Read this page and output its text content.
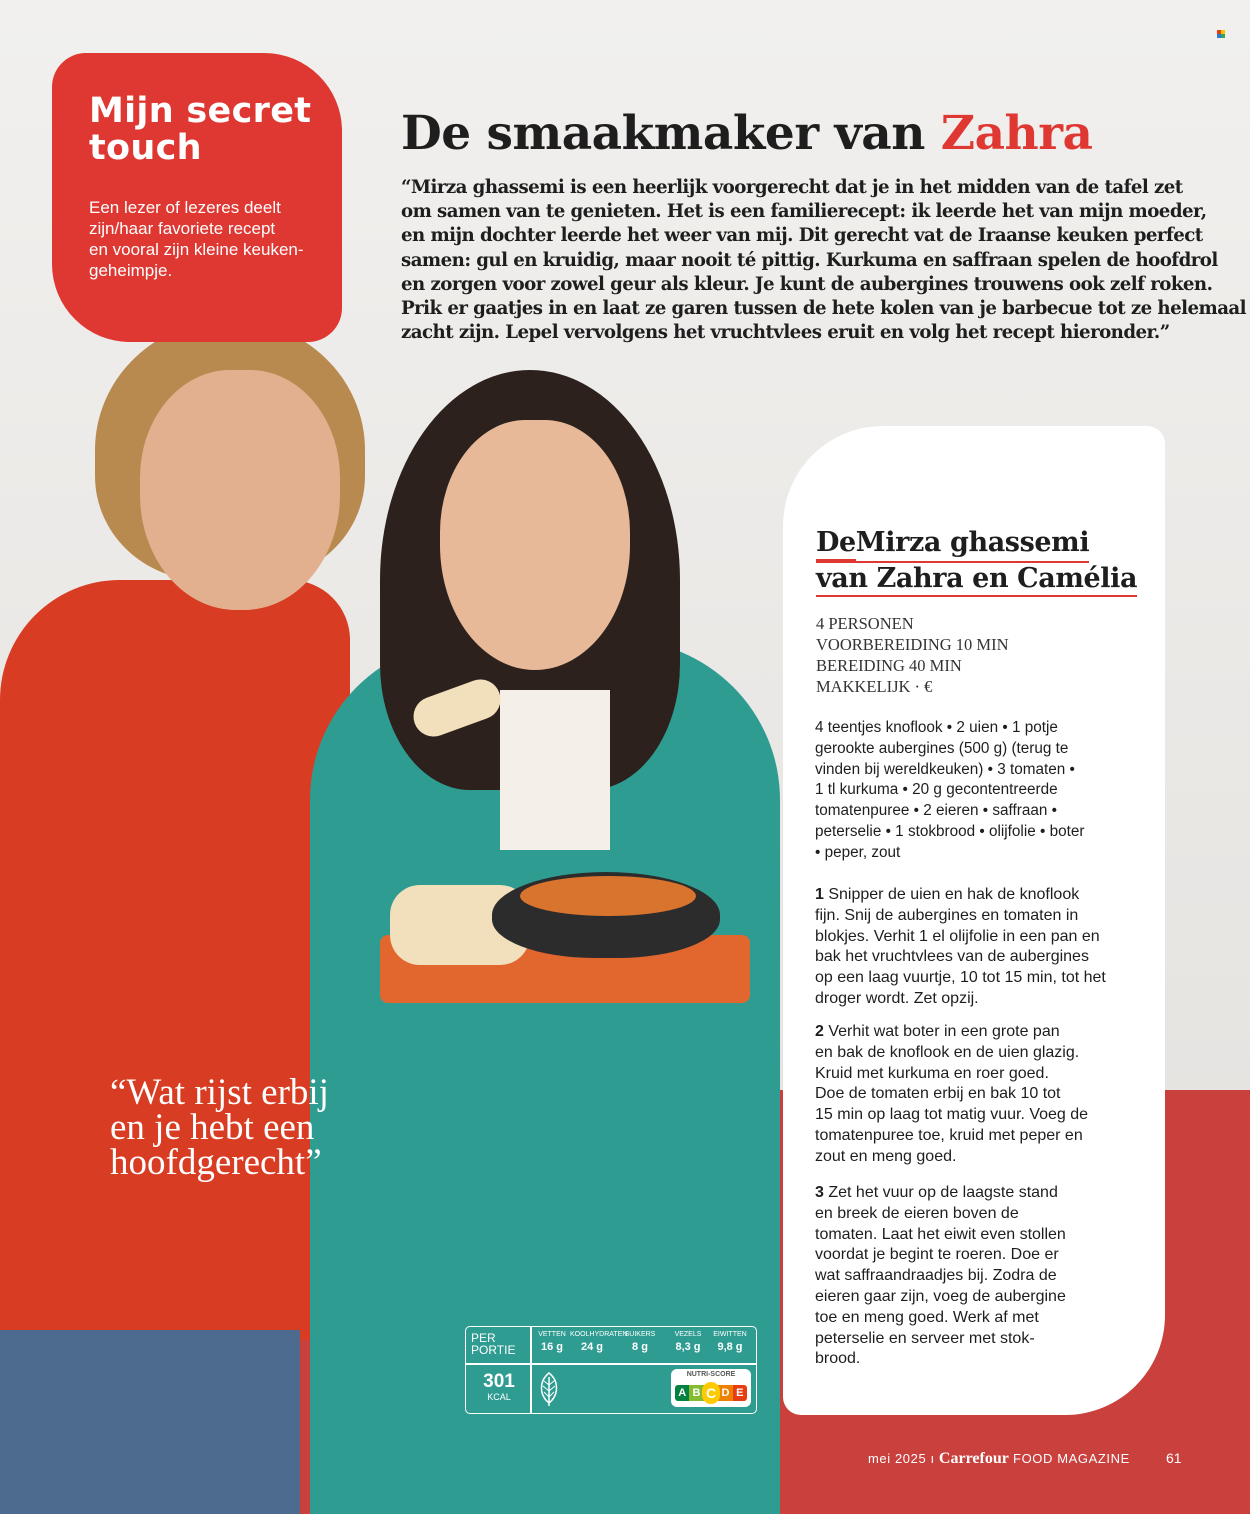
Mijn secret
touch

Een lezer of lezeres deelt
zijn/haar favoriete recept
en vooral zijn kleine keuken-
geheimpje.

De smaakmaker van Zahra

“Mirza ghassemi is een heerlijk voorgerecht dat je in het midden van de tafel zet
om samen van te genieten. Het is een familierecept: ik leerde het van mijn moeder,
en mijn dochter leerde het weer van mij. Dit gerecht vat de Iraanse keuken perfect
samen: gul en kruidig, maar nooit té pittig. Kurkuma en saffraan spelen de hoofdrol
en zorgen voor zowel geur als kleur. Je kunt de aubergines trouwens ook zelf roken.
Prik er gaatjes in en laat ze garen tussen de hete kolen van je barbecue tot ze helemaal
zacht zijn. Lepel vervolgens het vruchtvlees eruit en volg het recept hieronder.”

“Wat rijst erbij
en je hebt een
hoofdgerecht”

DeMirza ghassemi
van Zahra en Camélia

4 PERSONEN
VOORBEREIDING 10 MIN
BEREIDING 40 MIN
MAKKELIJK · €

4 teentjes knoflook • 2 uien • 1 potje
gerookte aubergines (500 g) (terug te
vinden bij wereldkeuken) • 3 tomaten •
1 tl kurkuma • 20 g gecontentreerde
tomatenpuree • 2 eieren • saffraan •
peterselie • 1 stokbrood • olijfolie • boter
• peper, zout

1 Snipper de uien en hak de knoflook
fijn. Snij de aubergines en tomaten in
blokjes. Verhit 1 el olijfolie in een pan en
bak het vruchtvlees van de aubergines
op een laag vuurtje, 10 tot 15 min, tot het
droger wordt. Zet opzij.

2 Verhit wat boter in een grote pan
en bak de knoflook en de uien glazig.
Kruid met kurkuma en roer goed.
Doe de tomaten erbij en bak 10 tot
15 min op laag tot matig vuur. Voeg de
tomatenpuree toe, kruid met peper en
zout en meng goed.

3 Zet het vuur op de laagste stand
en breek de eieren boven de
tomaten. Laat het eiwit even stollen
voordat je begint te roeren. Doe er
wat saffraandraadjes bij. Zodra de
eieren gaar zijn, voeg de aubergine
toe en meng goed. Werk af met
peterselie en serveer met stok-
brood.

PER
PORTIE
VETTEN
16 g
KOOLHYDRATEN
24 g
SUIKERS
8 g
VEZELS
8,3 g
EIWITTEN
9,8 g
301
KCAL
NUTRI-SCORE
A B C D E

mei 2025 ı Carrefour FOOD MAGAZINE	61
